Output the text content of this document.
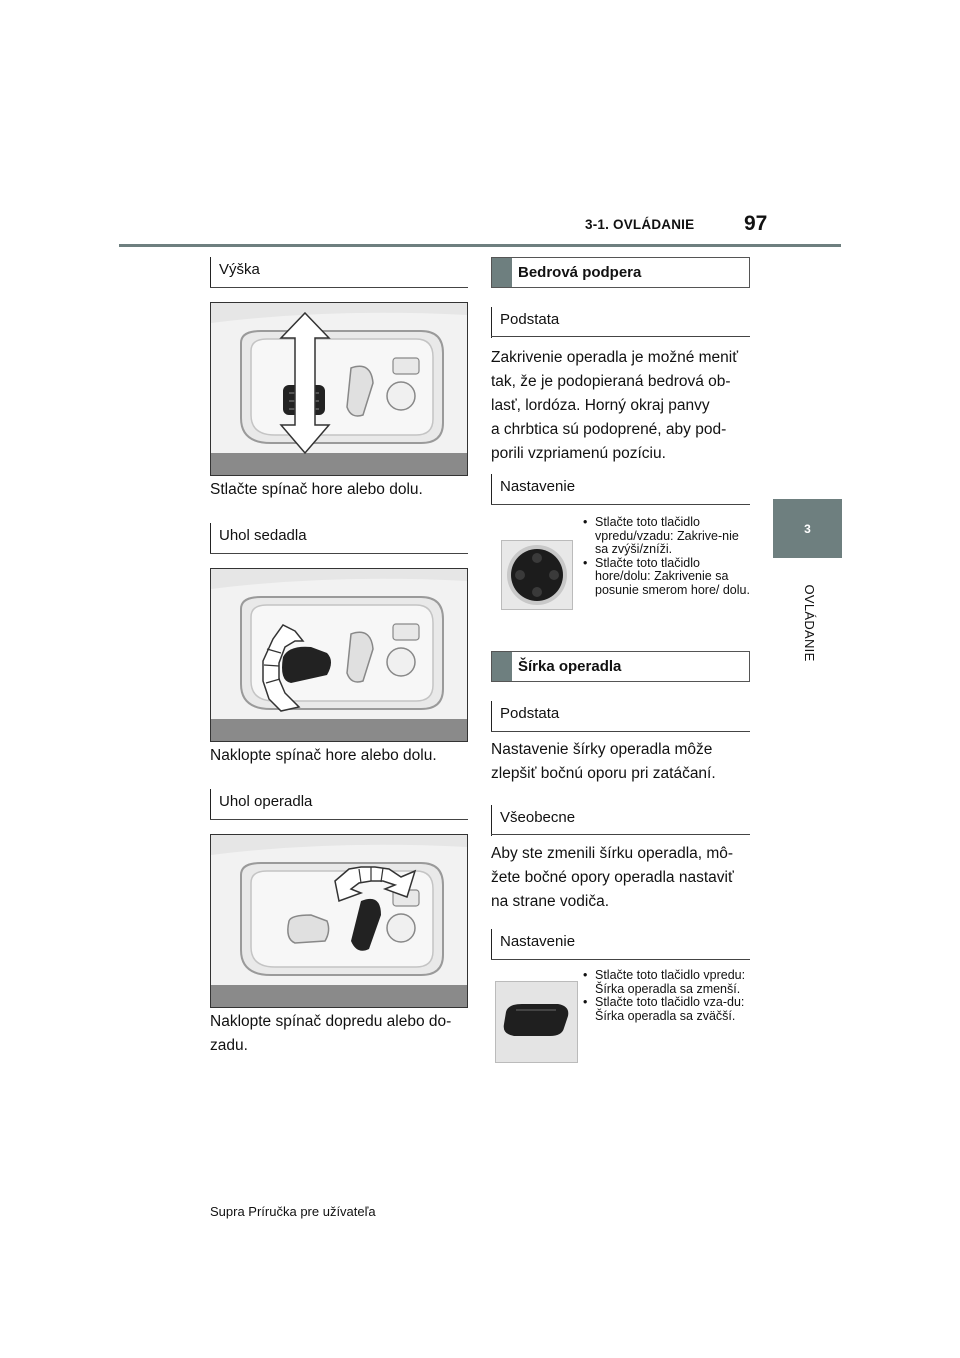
3-1. OVLÁDANIE 97
3
OVLÁDANIE
Výška
Stlačte spínač hore alebo dolu.
Uhol sedadla
Naklopte spínač hore alebo dolu.
Uhol operadla
Naklopte spínač dopredu alebo do-
zadu.
Bedrová podpera
Podstata
Zakrivenie operadla je možné meniť
tak, že je podopieraná bedrová ob-
lasť, lordóza. Horný okraj panvy
a chrbtica sú podoprené, aby pod-
porili vzpriamenú pozíciu.
Nastavenie
• Stlačte toto tlačidlo vpredu/vzadu: Zakrive-nie sa zvýši/zníži.
• Stlačte toto tlačidlo hore/dolu: Zakrivenie sa posunie smerom hore/ dolu.
Šírka operadla
Podstata
Nastavenie šírky operadla môže
zlepšiť bočnú oporu pri zatáčaní.
Všeobecne
Aby ste zmenili šírku operadla, mô-
žete bočné opory operadla nastaviť
na strane vodiča.
Nastavenie
• Stlačte toto tlačidlo vpredu: Šírka operadla sa zmenší.
• Stlačte toto tlačidlo vza-du: Šírka operadla sa zväčší.
Supra Príručka pre užívateľa
